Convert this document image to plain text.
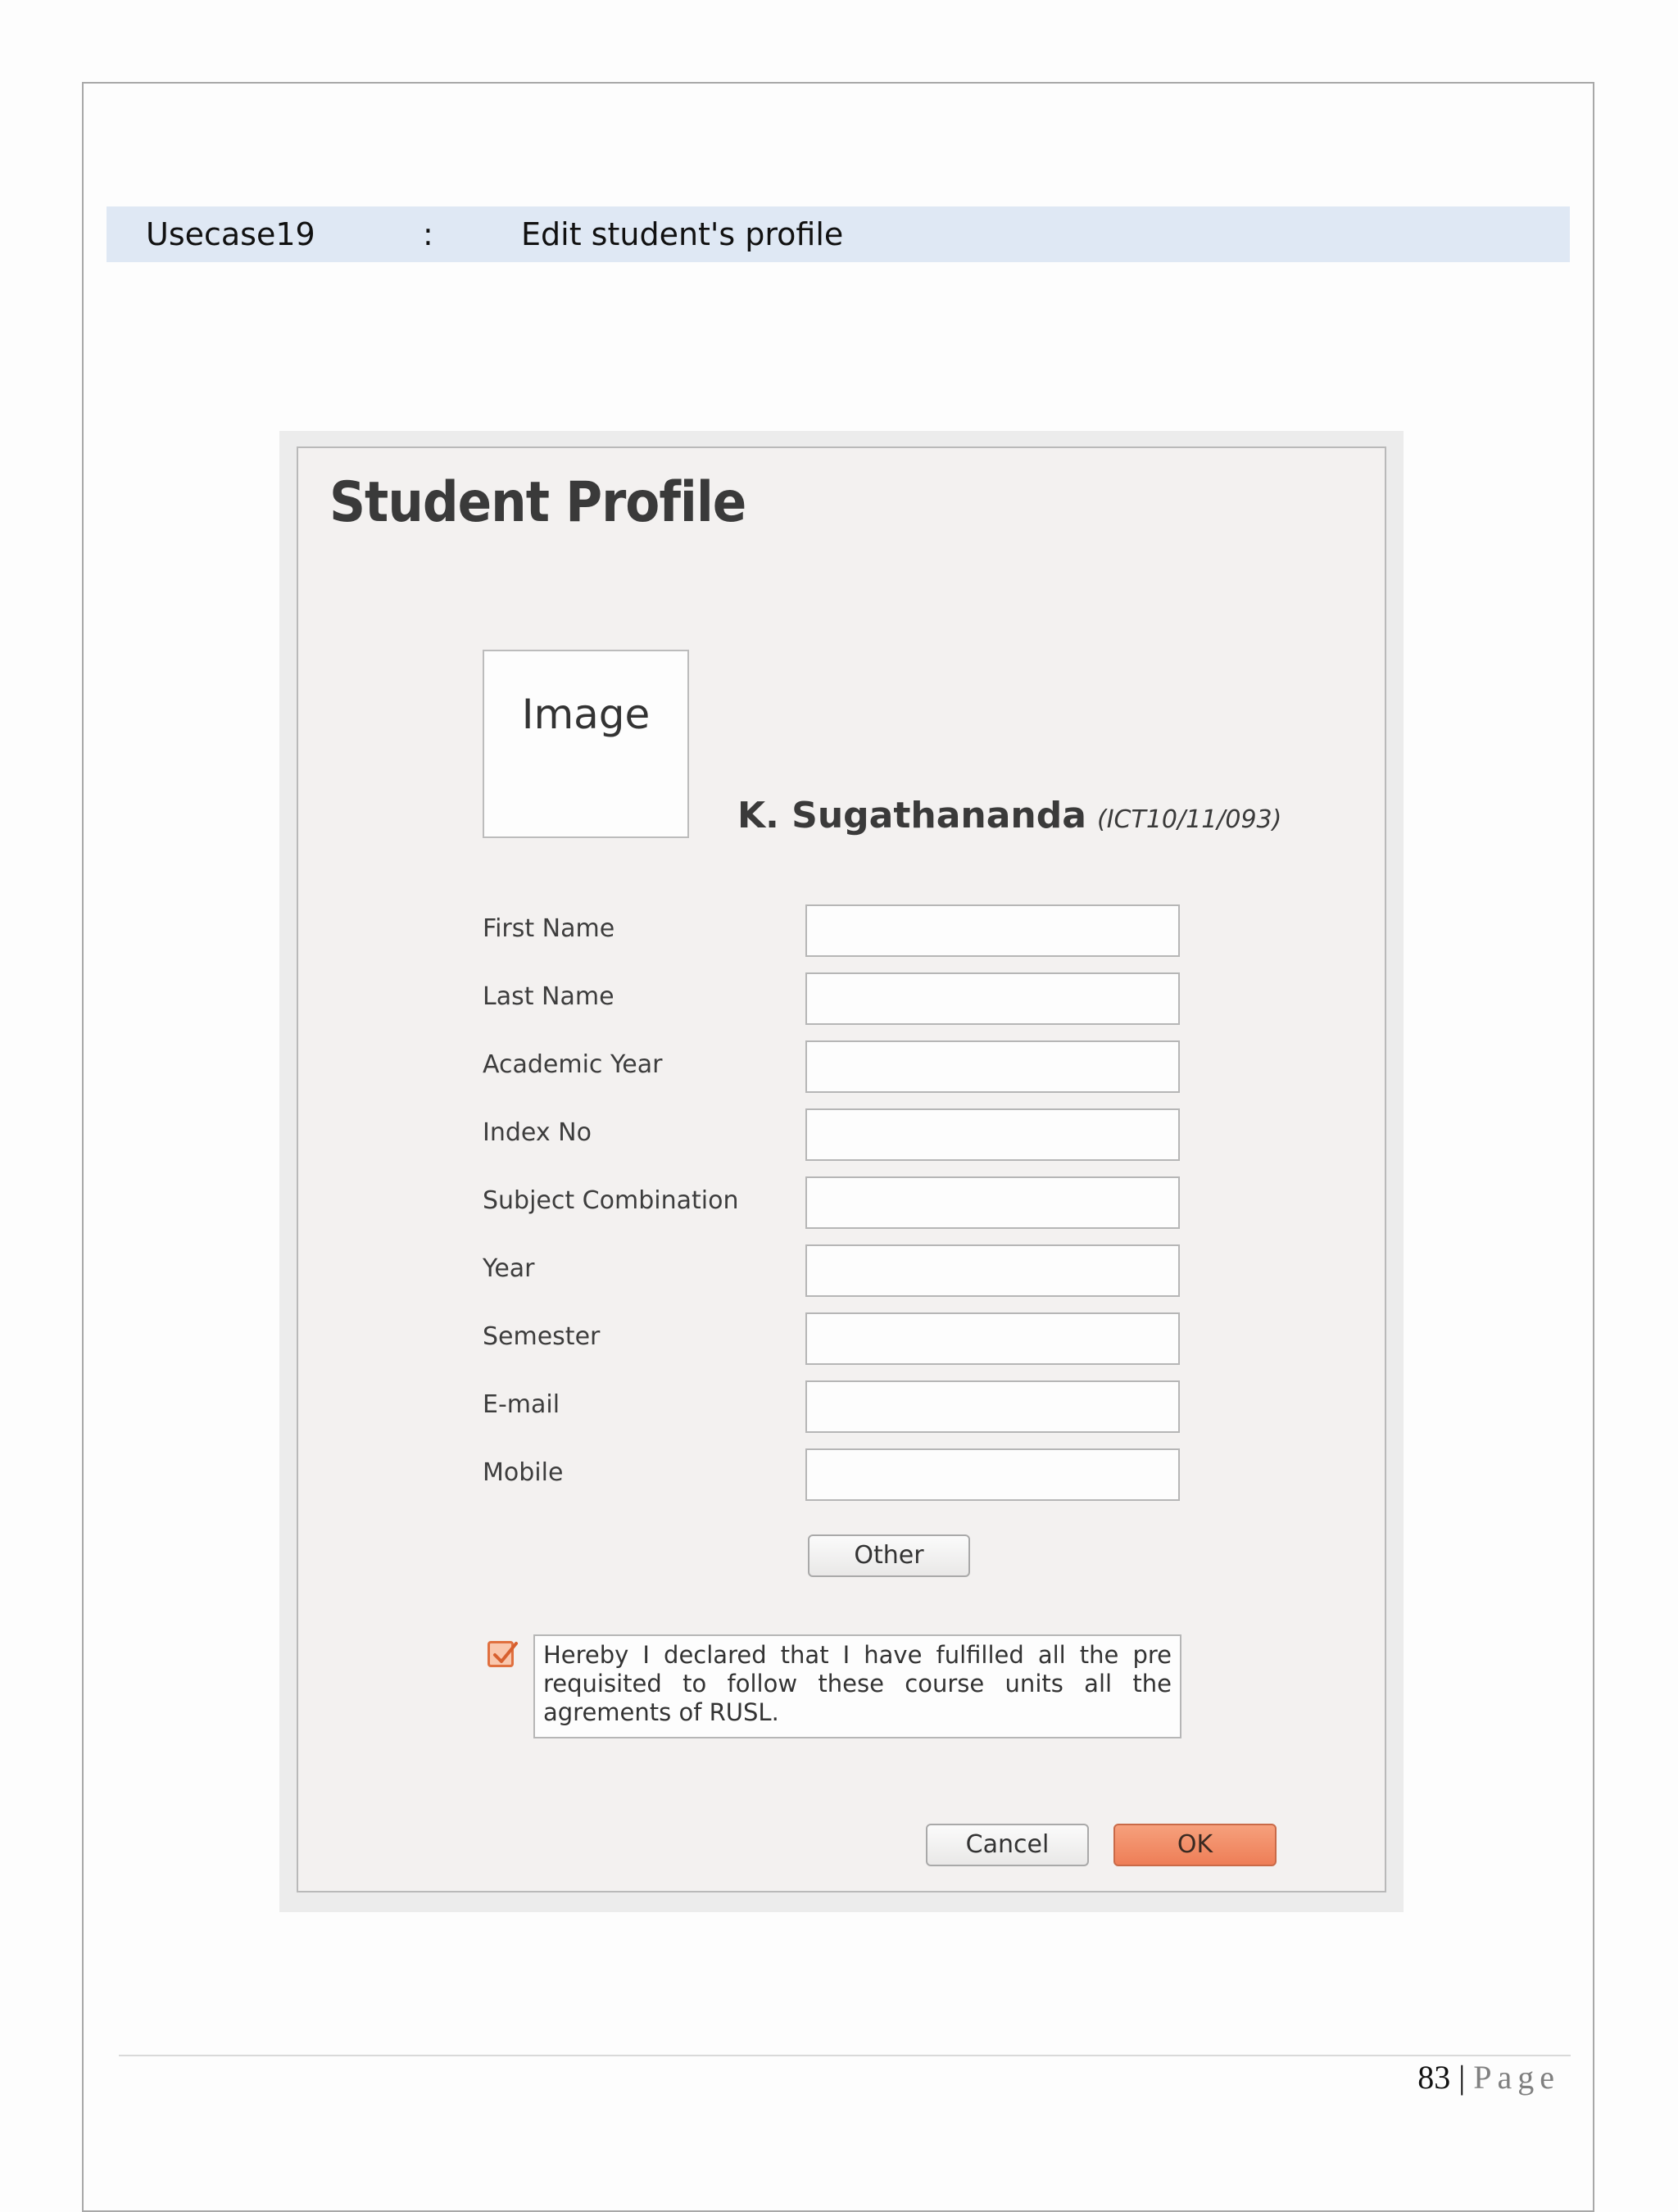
Usecase19	:	Edit student's profile
Student Profile
Image
K. Sugathananda (ICT10/11/093)
First Name
Last Name
Academic Year
Index No
Subject Combination
Year
Semester
E-mail
Mobile
Other
Hereby I declared that I have fulfilled all the pre requisited to follow these course units all the agrements of RUSL.
Cancel	OK
83 | Page
